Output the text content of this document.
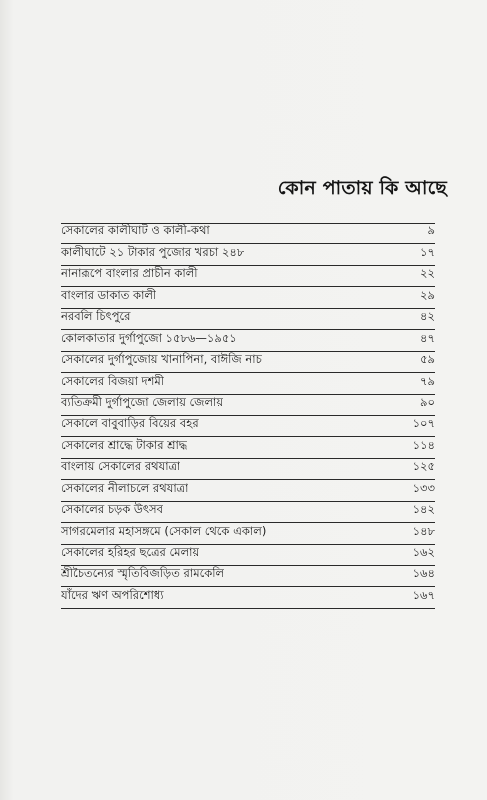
কোন পাতায় কি আছে
সেকালের কালীঘাট ও কালী-কথা	৯
কালীঘাটে ২১ টাকার পুজোর খরচা ২৪৮	১৭
নানারূপে বাংলার প্রাচীন কালী	২২
বাংলার ডাকাত কালী	২৯
নরবলি চিৎপুরে	৪২
কোলকাতার দুর্গাপুজো ১৫৮৬—১৯৫১	৪৭
সেকালের দুর্গাপুজোয় খানাপিনা, বাঈজি নাচ	৫৯
সেকালের বিজয়া দশমী	৭৯
ব্যতিক্রমী দুর্গাপুজো জেলায় জেলায়	৯০
সেকালে বাবুবাড়ির বিয়ের বহর	১০৭
সেকালের শ্রাদ্ধে টাকার শ্রাদ্ধ	১১৪
বাংলায় সেকালের রথযাত্রা	১২৫
সেকালের নীলাচলে রথযাত্রা	১৩৩
সেকালের চড়ক উৎসব	১৪২
সাগরমেলার মহাসঙ্গমে (সেকাল থেকে একাল)	১৪৮
সেকালের হরিহর ছত্রের মেলায়	১৬২
শ্রীচৈতন্যের স্মৃতিবিজড়িত রামকেলি	১৬৪
যাঁদের ঋণ অপরিশোধ্য	১৬৭
